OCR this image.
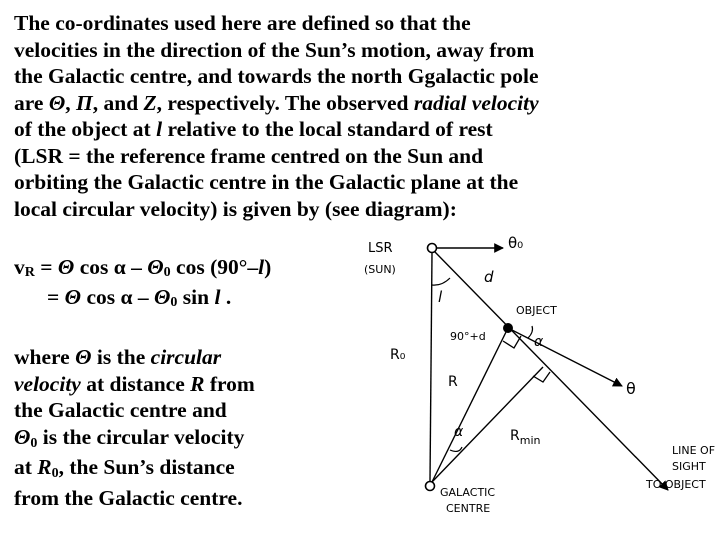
The co-ordinates used here are defined so that the
velocities in the direction of the Sun’s motion, away from
the Galactic centre, and towards the north Ggalactic pole
are Θ, Π, and Z, respectively. The observed radial velocity
of the object at l relative to the local standard of rest
(LSR = the reference frame centred on the Sun and
orbiting the Galactic centre in the Galactic plane at the
local circular velocity) is given by (see diagram):
$v_R = \Theta$ cos α – $\Theta_0$ cos (90°–l)
= Θ cos α – $\Theta_0$ sin l .
where Θ is the circular
velocity at distance R from
the Galactic centre and
$\Theta_0$ is the circular velocity
at $R_0$, the Sun’s distance
from the Galactic centre.
LSR
(SUN)
θ₀
d
l
OBJECT
90°+d
R₀
R
α
θ
α	$R_{min}$
LINE OF
SIGHT
TO OBJECT
GALACTIC
CENTRE
